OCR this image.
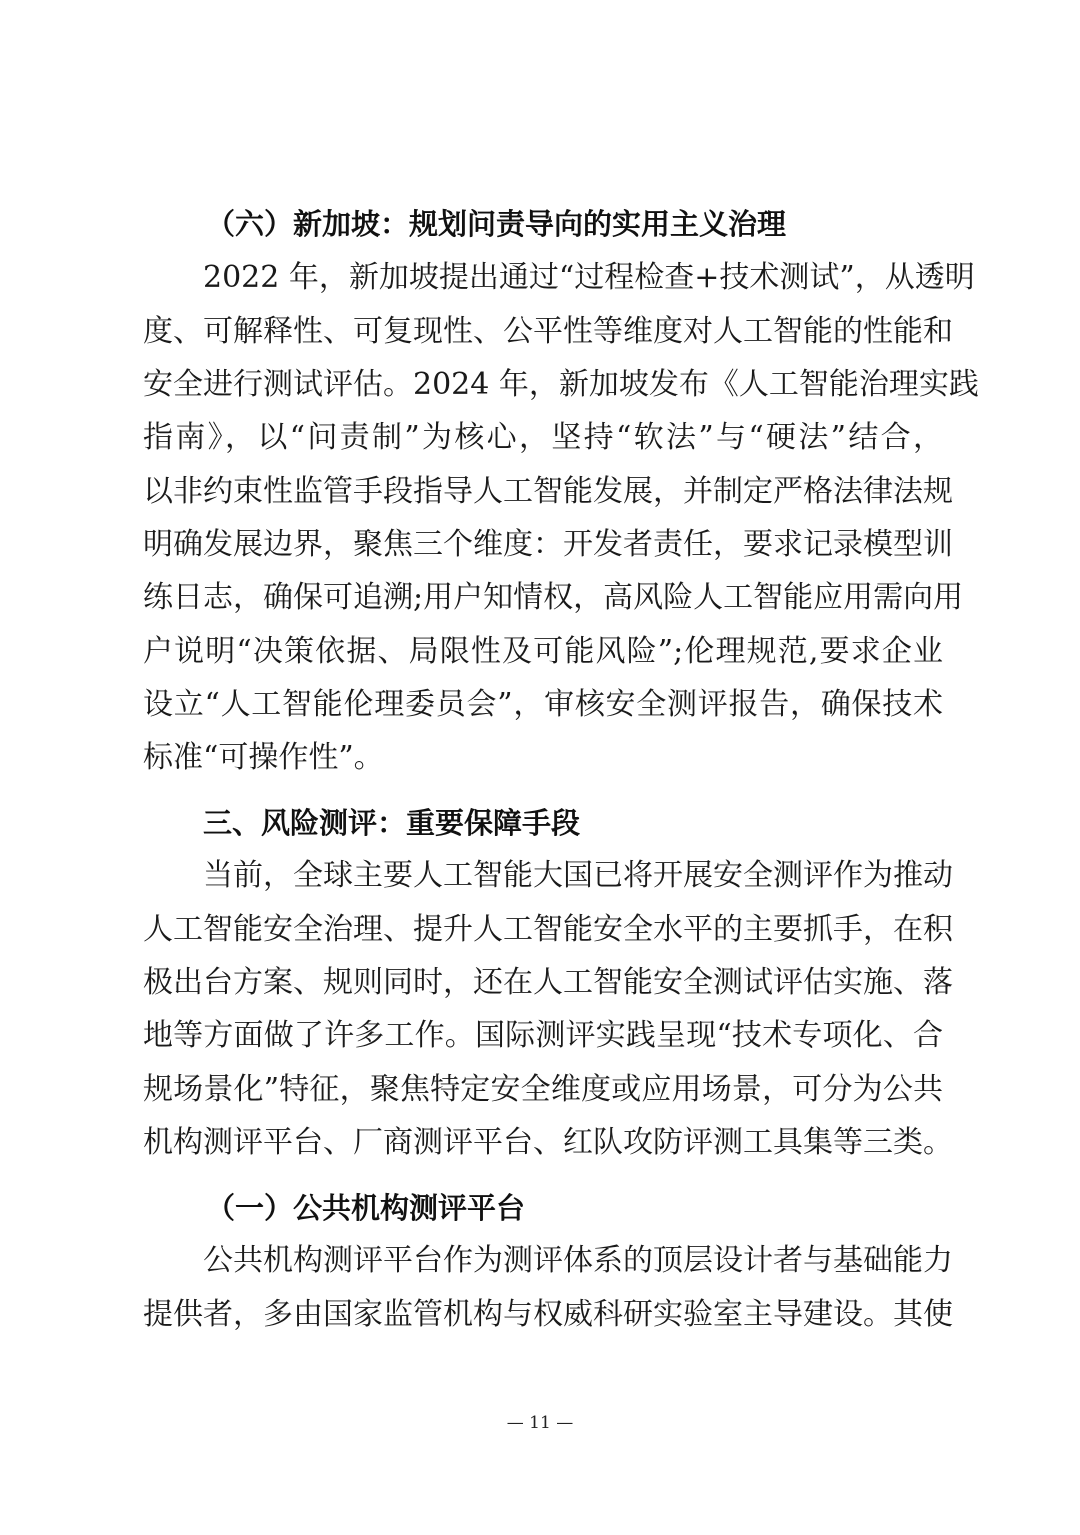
（六）新加坡：规划问责导向的实用主义治理
2022 年，新加坡提出通过“过程检查+技术测试”，从透明
度、可解释性、可复现性、公平性等维度对人工智能的性能和
安全进行测试评估。2024 年，新加坡发布《人工智能治理实践
指南》，以“问责制”为核心，坚持“软法”与“硬法”结合，
以非约束性监管手段指导人工智能发展，并制定严格法律法规
明确发展边界，聚焦三个维度：开发者责任，要求记录模型训
练日志，确保可追溯;用户知情权，高风险人工智能应用需向用
户说明“决策依据、局限性及可能风险”;伦理规范,要求企业
设立“人工智能伦理委员会”，审核安全测评报告，确保技术
标准“可操作性”。
三、风险测评：重要保障手段
当前，全球主要人工智能大国已将开展安全测评作为推动
人工智能安全治理、提升人工智能安全水平的主要抓手，在积
极出台方案、规则同时，还在人工智能安全测试评估实施、落
地等方面做了许多工作。国际测评实践呈现“技术专项化、合
规场景化”特征，聚焦特定安全维度或应用场景，可分为公共
机构测评平台、厂商测评平台、红队攻防评测工具集等三类。
（一）公共机构测评平台
公共机构测评平台作为测评体系的顶层设计者与基础能力
提供者，多由国家监管机构与权威科研实验室主导建设。其使
— 11 —
